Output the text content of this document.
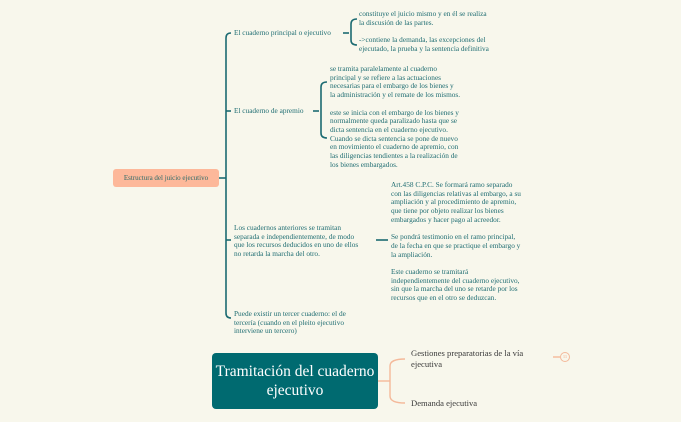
11
Estructura del juicio ejecutivo
El cuaderno principal o ejecutivo
constituye el juicio mismo y en él se realiza
la discusión de las partes.

->contiene la demanda, las excepciones del
ejecutado, la prueba y la sentencia definitiva
El cuaderno de apremio
se tramita paralelamente al cuaderno
principal y se refiere a las actuaciones
necesarias para el embargo de los bienes y
la administración y el remate de los mismos.

este se inicia con el embargo de los bienes y
normalmente queda paralizado hasta que se
dicta sentencia en el cuaderno ejecutivo.
Cuando se dicta sentencia se pone de nuevo
en movimiento el cuaderno de apremio, con
las diligencias tendientes a la realización de
los bienes embargados.
Los cuadernos anteriores se tramitan
separada e independientemente, de modo
que los recursos deducidos en uno de ellos
no retarda la marcha del otro.
Art.458 C.P.C. Se formará ramo separado
con las diligencias relativas al embargo, a su
ampliación y al procedimiento de apremio,
que tiene por objeto realizar los bienes
embargados y hacer pago al acreedor.

Se pondrá testimonio en el ramo principal,
de la fecha en que se practique el embargo y
la ampliación.

Este cuaderno se tramitará
independientemente del cuaderno ejecutivo,
sin que la marcha del uno se retarde por los
recursos que en el otro se deduzcan.
Puede existir un tercer cuaderno: el de
tercería (cuando en el pleito ejecutivo
interviene un tercero)
Tramitación del cuaderno ejecutivo
Gestiones preparatorias de la vía ejecutiva
Demanda ejecutiva
